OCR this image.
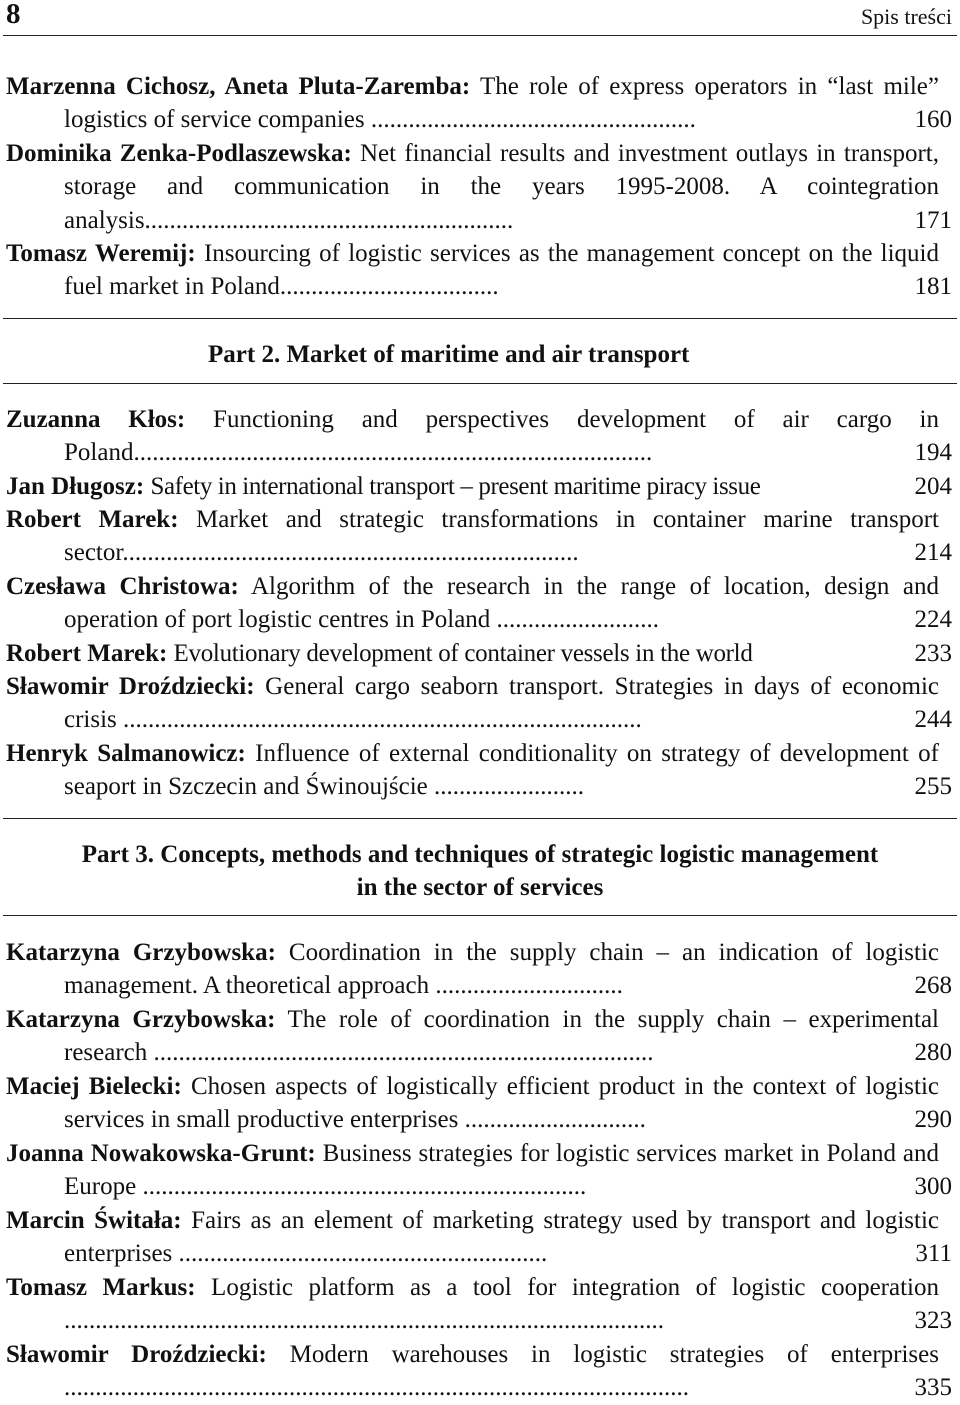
8	Spis treści
Marzenna Cichosz, Aneta Pluta-Zaremba: The role of express operators in “last mile” logistics of service companies ....................................................	160
Dominika Zenka-Podlaszewska: Net financial results and investment outlays in transport, storage and communication in the years 1995-2008. A cointegration analysis...........................................................	171
Tomasz Weremij: Insourcing of logistic services as the management concept on the liquid fuel market in Poland...................................	181
Part 2. Market of maritime and air transport
Zuzanna Kłos: Functioning and perspectives development of air cargo in Poland...................................................................................	194
Jan Długosz: Safety in international transport – present maritime piracy issue	204
Robert Marek: Market and strategic transformations in container marine transport sector.........................................................................	214
Czesława Christowa: Algorithm of the research in the range of location, design and operation of port logistic centres in Poland ..........................	224
Robert Marek: Evolutionary development of container vessels in the world	233
Sławomir Droździecki: General cargo seaborn transport. Strategies in days of economic crisis ...................................................................................	244
Henryk Salmanowicz: Influence of external conditionality on strategy of development of seaport in Szczecin and Świnoujście ........................	255
Part 3. Concepts, methods and techniques of strategic logistic management
in the sector of services
Katarzyna Grzybowska: Coordination in the supply chain – an indication of logistic management. A theoretical approach ..............................	268
Katarzyna Grzybowska: The role of coordination in the supply chain – experimental research ................................................................................	280
Maciej Bielecki: Chosen aspects of logistically efficient product in the context of logistic services in small productive enterprises .............................	290
Joanna Nowakowska-Grunt: Business strategies for logistic services market in Poland and Europe .......................................................................	300
Marcin Świtała: Fairs as an element of marketing strategy used by transport and logistic enterprises ...........................................................	311
Tomasz Markus: Logistic platform as a tool for integration of logistic cooperation ................................................................................................	323
Sławomir Droździecki: Modern warehouses in logistic strategies of enterprises ....................................................................................................	335
